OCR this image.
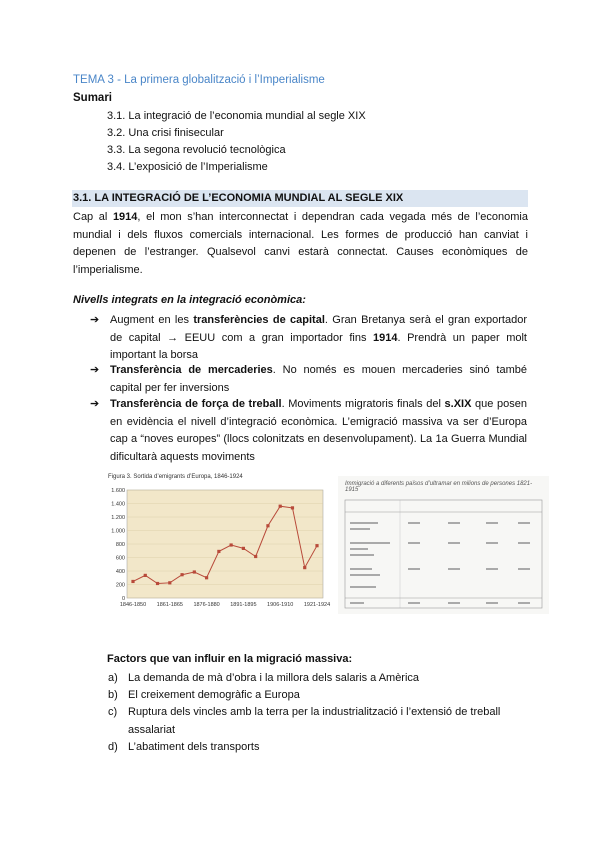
TEMA 3 - La primera globalització i l’Imperialisme
Sumari
3.1. La integració de l’economia mundial al segle XIX
3.2. Una crisi finisecular
3.3. La segona revolució tecnològica
3.4. L’exposició de l’Imperialisme
3.1. LA INTEGRACIÓ DE L’ECONOMIA MUNDIAL AL SEGLE XIX
Cap al 1914, el mon s’han interconnectat i dependran cada vegada més de l’economia mundial i dels fluxos comercials internacional. Les formes de producció han canviat i depenen de l’estranger. Qualsevol canvi estarà connectat. Causes econòmiques de l’imperialisme.
Nivells integrats en la integració econòmica:
➔ Augment en les transferències de capital. Gran Bretanya serà el gran exportador de capital → EEUU com a gran importador fins 1914. Prendrà un paper molt important la borsa
➔ Transferència de mercaderies. No només es mouen mercaderies sinó també capital per fer inversions
➔ Transferència de força de treball. Moviments migratoris finals del s.XIX que posen en evidència el nivell d’integració econòmica. L’emigració massiva va ser d’Europa cap a “noves europes” (llocs colonitzats en desenvolupament). La 1a Guerra Mundial dificultarà aquests moviments
Figura 3. Sortida d’emigrants d’Europa, 1846-1924
0
200
400
600
800
1.000
1.200
1.400
1.600
1846-1850 1861-1865 1876-1880 1891-1895 1906-1910 1921-1924
Immigració a diferents països d’ultramar en milions de persones 1821-1915
Factors que van influir en la migració massiva:
a) La demanda de mà d’obra i la millora dels salaris a Amèrica
b) El creixement demogràfic a Europa
c) Ruptura dels vincles amb la terra per la industrialització i l’extensió de treball assalariat
d) L’abatiment dels transports
